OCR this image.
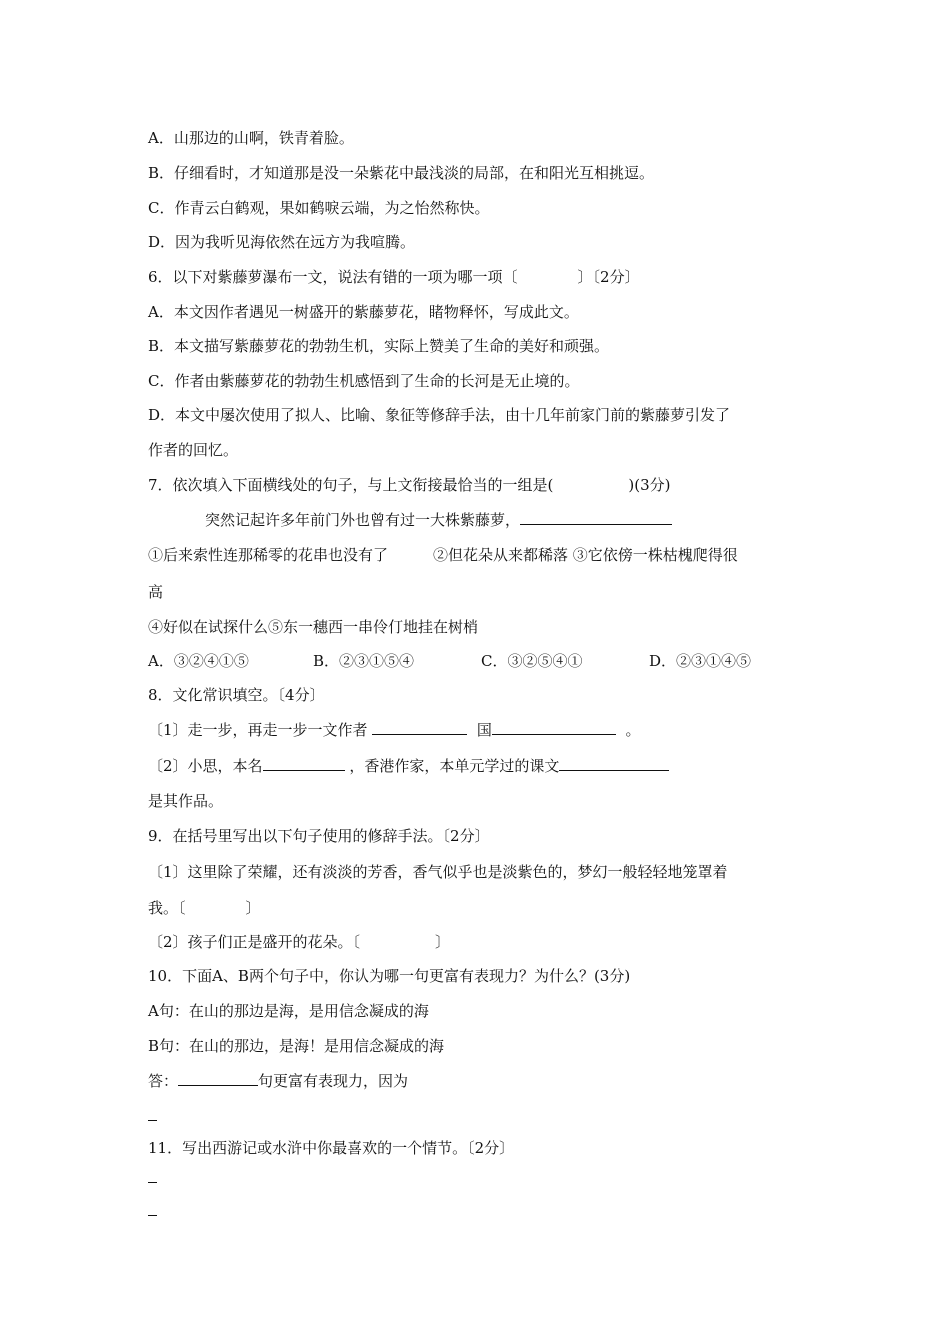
A．山那边的山啊，铁青着脸。
B．仔细看时，才知道那是没一朵紫花中最浅淡的局部，在和阳光互相挑逗。
C．作青云白鹤观，果如鹤唳云端，为之怡然称快。
D．因为我听见海依然在远方为我喧腾。
6．以下对紫藤萝瀑布一文，说法有错的一项为哪一项〔　　　　〕〔2分〕
A．本文因作者遇见一树盛开的紫藤萝花，睹物释怀，写成此文。
B．本文描写紫藤萝花的勃勃生机，实际上赞美了生命的美好和顽强。
C．作者由紫藤萝花的勃勃生机感悟到了生命的长河是无止境的。
D．本文中屡次使用了拟人、比喻、象征等修辞手法，由十几年前家门前的紫藤萝引发了
作者的回忆。
7．依次填入下面横线处的句子，与上文衔接最恰当的一组是(　　　　　)(3分)
突然记起许多年前门外也曾有过一大株紫藤萝，
①后来索性连那稀零的花串也没有了　　　②但花朵从来都稀落 ③它依傍一株枯槐爬得很
高
④好似在试探什么⑤东一穗西一串伶仃地挂在树梢
A．③②④①⑤	B．②③①⑤④	C．③②⑤④①	D．②③①④⑤
8．文化常识填空。〔4分〕
〔1〕走一步，再走一步一文作者	国	。
〔2〕小思，本名	，香港作家，本单元学过的课文
是其作品。
9．在括号里写出以下句子使用的修辞手法。〔2分〕
〔1〕这里除了荣耀，还有淡淡的芳香，香气似乎也是淡紫色的，梦幻一般轻轻地笼罩着
我。〔　　　　〕
〔2〕孩子们正是盛开的花朵。〔　　　　　〕
10．下面A、B两个句子中，你认为哪一句更富有表现力？为什么？(3分)
A句：在山的那边是海，是用信念凝成的海
B句：在山的那边，是海！是用信念凝成的海
答：	句更富有表现力，因为
11．写出西游记或水浒中你最喜欢的一个情节。〔2分〕
